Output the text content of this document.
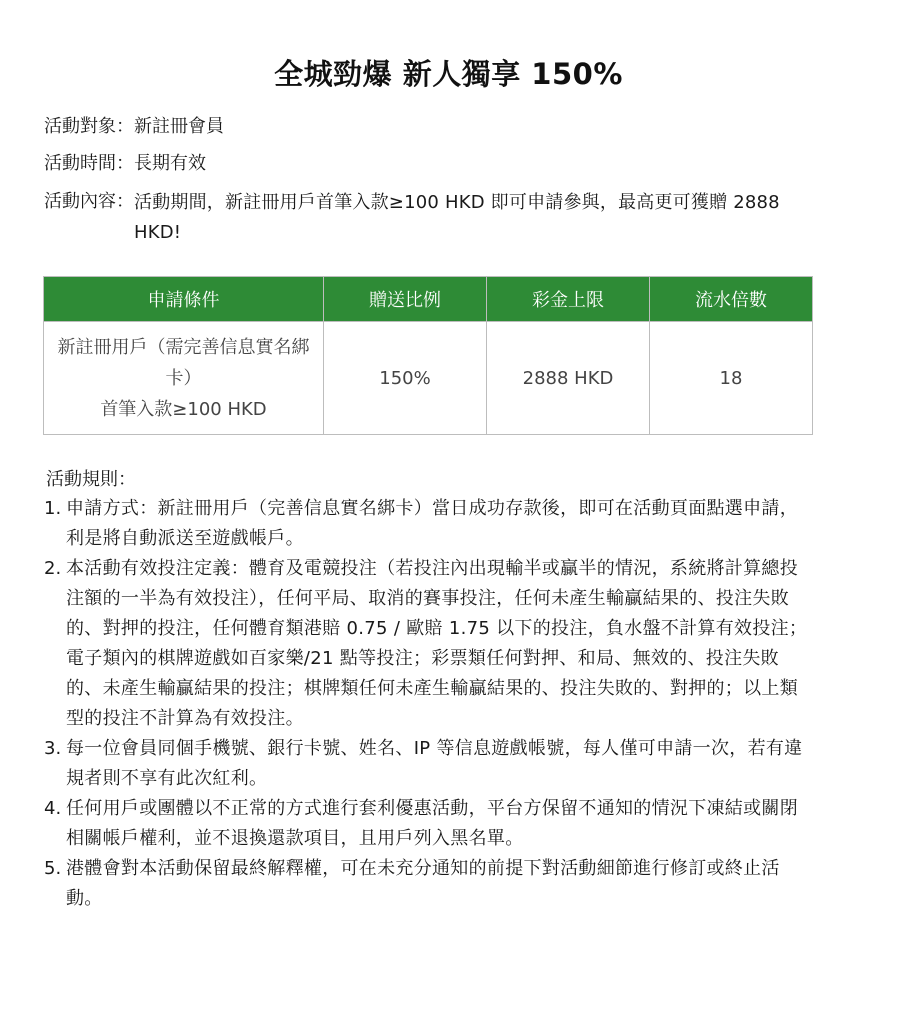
全城勁爆 新人獨享 150%
活動對象： 新註冊會員
活動時間： 長期有效
活動內容： 活動期間，新註冊用戶首筆入款≥100 HKD 即可申請參與，最高更可獲贈 2888 HKD!
申請條件	贈送比例	彩金上限	流水倍數

新註冊用戶（需完善信息實名綁卡）
首筆入款≥100 HKD	150%	2888 HKD	18
活動規則：
1. 申請方式：新註冊用戶（完善信息實名綁卡）當日成功存款後，即可在活動頁面點選申請，利是將自動派送至遊戲帳戶。
2. 本活動有效投注定義：體育及電競投注（若投注內出現輸半或贏半的情況，系統將計算總投注額的一半為有效投注），任何平局、取消的賽事投注，任何未產生輸贏結果的、投注失敗的、對押的投注，任何體育類港賠 0.75 / 歐賠 1.75 以下的投注，負水盤不計算有效投注；電子類內的棋牌遊戲如百家樂/21 點等投注；彩票類任何對押、和局、無效的、投注失敗的、未產生輸贏結果的投注；棋牌類任何未產生輸贏結果的、投注失敗的、對押的；以上類型的投注不計算為有效投注。
3. 每一位會員同個手機號、銀行卡號、姓名、IP 等信息遊戲帳號，每人僅可申請一次，若有違規者則不享有此次紅利。
4. 任何用戶或團體以不正常的方式進行套利優惠活動，平台方保留不通知的情況下凍結或關閉相關帳戶權利，並不退換還款項目，且用戶列入黑名單。
5. 港體會對本活動保留最終解釋權，可在未充分通知的前提下對活動細節進行修訂或終止活動。
